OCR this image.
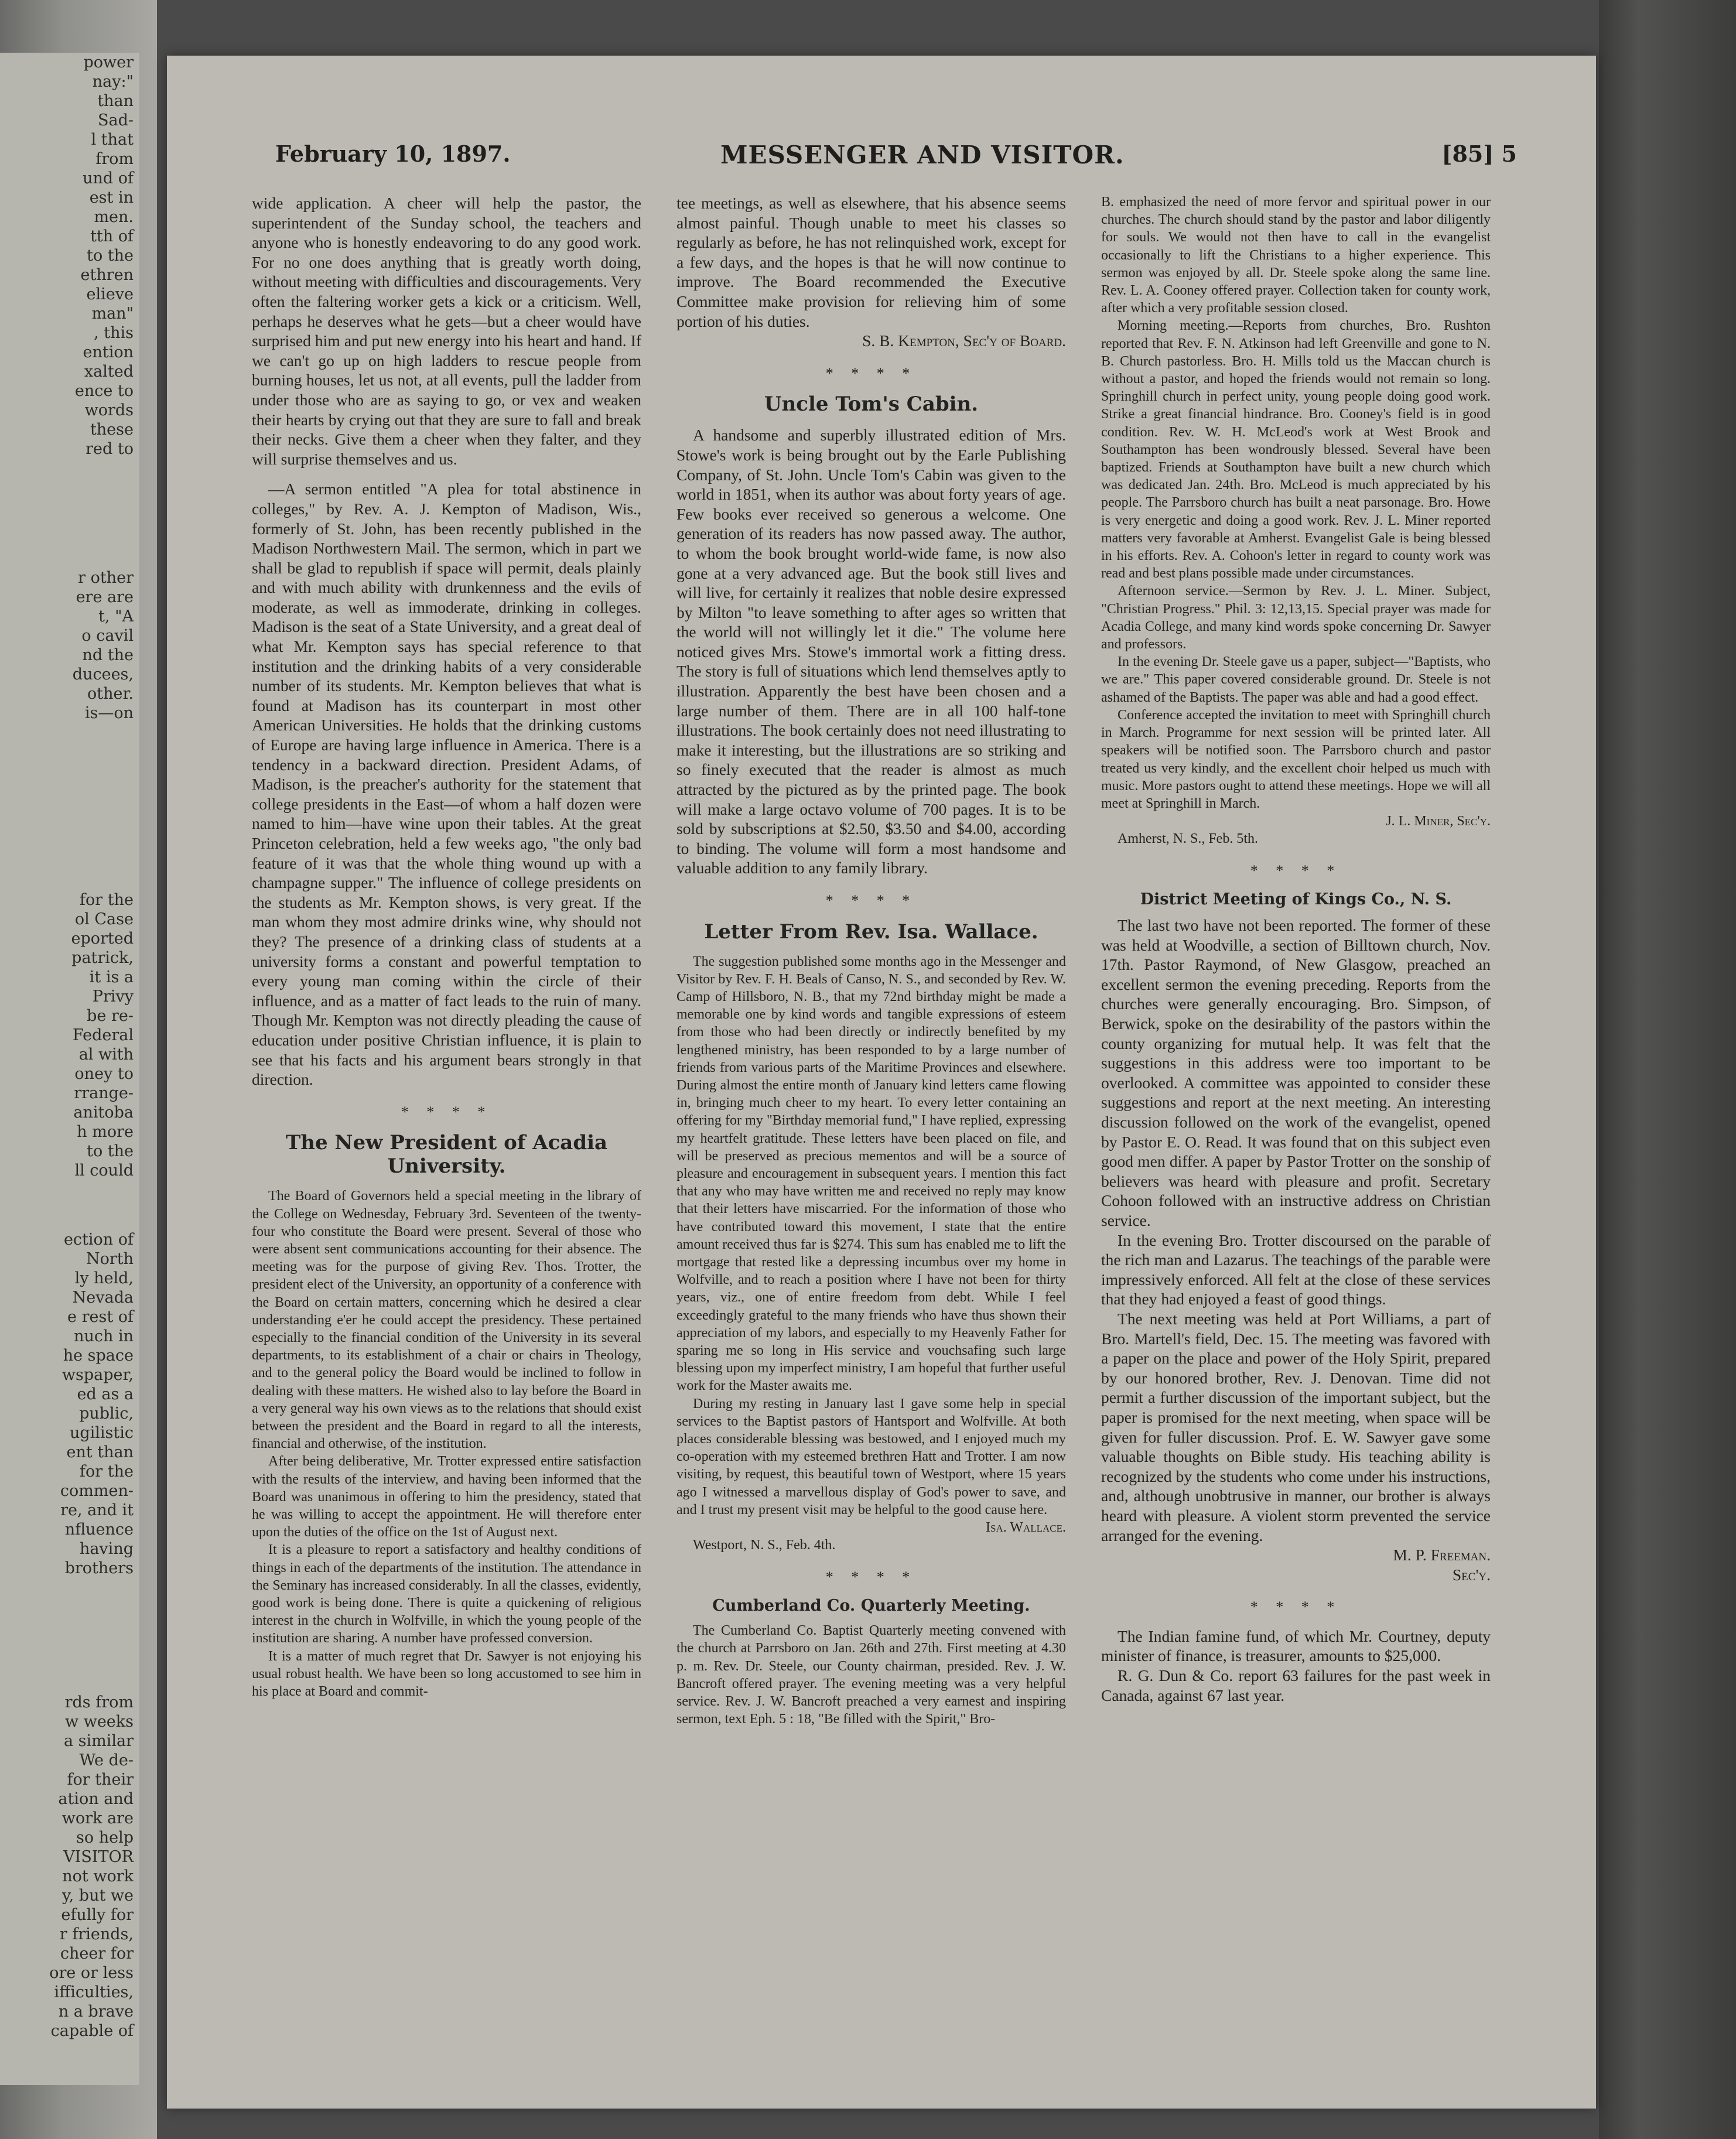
power

nay:"

than

Sad-

l that

from

und of

est in

men.

tth of

to the

ethren

elieve

man"

, this

ention

xalted

ence to

words

these

red to

r other

ere are

t, "A

o cavil

nd the

ducees,

other.

is—on

for the

ol Case

eported

patrick,

it is a

Privy

be re-

Federal

al with

oney to

rrange-

anitoba

h more

to the

ll could

ection of

North

ly held,

Nevada

e rest of

nuch in

he space

wspaper,

ed as a

public,

ugilistic

ent than

for the

commen-

re, and it

nfluence

having

brothers

rds from

w weeks

a similar

We de-

for their

ation and

work are

so help

VISITOR

not work

y, but we

efully for

r friends,

cheer for

ore or less

ifficulties,

n a brave

capable of

February 10, 1897.	MESSENGER AND VISITOR.	[85] 5

wide application. A cheer will help the pastor, the superintendent of the Sunday school, the teachers and anyone who is honestly endeavoring to do any good work. For no one does anything that is greatly worth doing, without meeting with difficulties and discouragements. Very often the faltering worker gets a kick or a criticism. Well, perhaps he deserves what he gets—but a cheer would have surprised him and put new energy into his heart and hand. If we can't go up on high ladders to rescue people from burning houses, let us not, at all events, pull the ladder from under those who are as saying to go, or vex and weaken their hearts by crying out that they are sure to fall and break their necks. Give them a cheer when they falter, and they will surprise themselves and us.

—A sermon entitled "A plea for total abstinence in colleges," by Rev. A. J. Kempton of Madison, Wis., formerly of St. John, has been recently published in the Madison Northwestern Mail. The sermon, which in part we shall be glad to republish if space will permit, deals plainly and with much ability with drunkenness and the evils of moderate, as well as immoderate, drinking in colleges. Madison is the seat of a State University, and a great deal of what Mr. Kempton says has special reference to that institution and the drinking habits of a very considerable number of its students. Mr. Kempton believes that what is found at Madison has its counterpart in most other American Universities. He holds that the drinking customs of Europe are having large influence in America. There is a tendency in a backward direction. President Adams, of Madison, is the preacher's authority for the statement that college presidents in the East—of whom a half dozen were named to him—have wine upon their tables. At the great Princeton celebration, held a few weeks ago, "the only bad feature of it was that the whole thing wound up with a champagne supper." The influence of college presidents on the students as Mr. Kempton shows, is very great. If the man whom they most admire drinks wine, why should not they? The presence of a drinking class of students at a university forms a constant and powerful temptation to every young man coming within the circle of their influence, and as a matter of fact leads to the ruin of many. Though Mr. Kempton was not directly pleading the cause of education under positive Christian influence, it is plain to see that his facts and his argument bears strongly in that direction.

* * * *

The New President of Acadia University.

The Board of Governors held a special meeting in the library of the College on Wednesday, February 3rd. Seventeen of the twenty-four who constitute the Board were present. Several of those who were absent sent communications accounting for their absence. The meeting was for the purpose of giving Rev. Thos. Trotter, the president elect of the University, an opportunity of a conference with the Board on certain matters, concerning which he desired a clear understanding e'er he could accept the presidency. These pertained especially to the financial condition of the University in its several departments, to its establishment of a chair or chairs in Theology, and to the general policy the Board would be inclined to follow in dealing with these matters. He wished also to lay before the Board in a very general way his own views as to the relations that should exist between the president and the Board in regard to all the interests, financial and otherwise, of the institution.

After being deliberative, Mr. Trotter expressed entire satisfaction with the results of the interview, and having been informed that the Board was unanimous in offering to him the presidency, stated that he was willing to accept the appointment. He will therefore enter upon the duties of the office on the 1st of August next.

It is a pleasure to report a satisfactory and healthy conditions of things in each of the departments of the institution. The attendance in the Seminary has increased considerably. In all the classes, evidently, good work is being done. There is quite a quickening of religious interest in the church in Wolfville, in which the young people of the institution are sharing. A number have professed conversion.

It is a matter of much regret that Dr. Sawyer is not enjoying his usual robust health. We have been so long accustomed to see him in his place at Board and commit-

tee meetings, as well as elsewhere, that his absence seems almost painful. Though unable to meet his classes so regularly as before, he has not relinquished work, except for a few days, and the hopes is that he will now continue to improve. The Board recommended the Executive Committee make provision for relieving him of some portion of his duties.

S. B. Kempton, Sec'y of Board.

* * * *

Uncle Tom's Cabin.

A handsome and superbly illustrated edition of Mrs. Stowe's work is being brought out by the Earle Publishing Company, of St. John. Uncle Tom's Cabin was given to the world in 1851, when its author was about forty years of age. Few books ever received so generous a welcome. One generation of its readers has now passed away. The author, to whom the book brought world-wide fame, is now also gone at a very advanced age. But the book still lives and will live, for certainly it realizes that noble desire expressed by Milton "to leave something to after ages so written that the world will not willingly let it die." The volume here noticed gives Mrs. Stowe's immortal work a fitting dress. The story is full of situations which lend themselves aptly to illustration. Apparently the best have been chosen and a large number of them. There are in all 100 half-tone illustrations. The book certainly does not need illustrating to make it interesting, but the illustrations are so striking and so finely executed that the reader is almost as much attracted by the pictured as by the printed page. The book will make a large octavo volume of 700 pages. It is to be sold by subscriptions at $2.50, $3.50 and $4.00, according to binding. The volume will form a most handsome and valuable addition to any family library.

* * * *

Letter From Rev. Isa. Wallace.

The suggestion published some months ago in the Messenger and Visitor by Rev. F. H. Beals of Canso, N. S., and seconded by Rev. W. Camp of Hillsboro, N. B., that my 72nd birthday might be made a memorable one by kind words and tangible expressions of esteem from those who had been directly or indirectly benefited by my lengthened ministry, has been responded to by a large number of friends from various parts of the Maritime Provinces and elsewhere. During almost the entire month of January kind letters came flowing in, bringing much cheer to my heart. To every letter containing an offering for my "Birthday memorial fund," I have replied, expressing my heartfelt gratitude. These letters have been placed on file, and will be preserved as precious mementos and will be a source of pleasure and encouragement in subsequent years. I mention this fact that any who may have written me and received no reply may know that their letters have miscarried. For the information of those who have contributed toward this movement, I state that the entire amount received thus far is $274. This sum has enabled me to lift the mortgage that rested like a depressing incumbus over my home in Wolfville, and to reach a position where I have not been for thirty years, viz., one of entire freedom from debt. While I feel exceedingly grateful to the many friends who have thus shown their appreciation of my labors, and especially to my Heavenly Father for sparing me so long in His service and vouchsafing such large blessing upon my imperfect ministry, I am hopeful that further useful work for the Master awaits me.

During my resting in January last I gave some help in special services to the Baptist pastors of Hantsport and Wolfville. At both places considerable blessing was bestowed, and I enjoyed much my co-operation with my esteemed brethren Hatt and Trotter. I am now visiting, by request, this beautiful town of Westport, where 15 years ago I witnessed a marvellous display of God's power to save, and and I trust my present visit may be helpful to the good cause here.

Isa. Wallace.

Westport, N. S., Feb. 4th.

* * * *

Cumberland Co. Quarterly Meeting.

The Cumberland Co. Baptist Quarterly meeting convened with the church at Parrsboro on Jan. 26th and 27th. First meeting at 4.30 p. m. Rev. Dr. Steele, our County chairman, presided. Rev. J. W. Bancroft offered prayer. The evening meeting was a very helpful service. Rev. J. W. Bancroft preached a very earnest and inspiring sermon, text Eph. 5 : 18, "Be filled with the Spirit," Bro-

B. emphasized the need of more fervor and spiritual power in our churches. The church should stand by the pastor and labor diligently for souls. We would not then have to call in the evangelist occasionally to lift the Christians to a higher experience. This sermon was enjoyed by all. Dr. Steele spoke along the same line. Rev. L. A. Cooney offered prayer. Collection taken for county work, after which a very profitable session closed.

Morning meeting.—Reports from churches, Bro. Rushton reported that Rev. F. N. Atkinson had left Greenville and gone to N. B. Church pastorless. Bro. H. Mills told us the Maccan church is without a pastor, and hoped the friends would not remain so long. Springhill church in perfect unity, young people doing good work. Strike a great financial hindrance. Bro. Cooney's field is in good condition. Rev. W. H. McLeod's work at West Brook and Southampton has been wondrously blessed. Several have been baptized. Friends at Southampton have built a new church which was dedicated Jan. 24th. Bro. McLeod is much appreciated by his people. The Parrsboro church has built a neat parsonage. Bro. Howe is very energetic and doing a good work. Rev. J. L. Miner reported matters very favorable at Amherst. Evangelist Gale is being blessed in his efforts. Rev. A. Cohoon's letter in regard to county work was read and best plans possible made under circumstances.

Afternoon service.—Sermon by Rev. J. L. Miner. Subject, "Christian Progress." Phil. 3: 12,13,15. Special prayer was made for Acadia College, and many kind words spoke concerning Dr. Sawyer and professors.

In the evening Dr. Steele gave us a paper, subject—"Baptists, who we are." This paper covered considerable ground. Dr. Steele is not ashamed of the Baptists. The paper was able and had a good effect.

Conference accepted the invitation to meet with Springhill church in March. Programme for next session will be printed later. All speakers will be notified soon. The Parrsboro church and pastor treated us very kindly, and the excellent choir helped us much with music. More pastors ought to attend these meetings. Hope we will all meet at Springhill in March.

J. L. Miner, Sec'y.

Amherst, N. S., Feb. 5th.

* * * *

District Meeting of Kings Co., N. S.

The last two have not been reported. The former of these was held at Woodville, a section of Billtown church, Nov. 17th. Pastor Raymond, of New Glasgow, preached an excellent sermon the evening preceding. Reports from the churches were generally encouraging. Bro. Simpson, of Berwick, spoke on the desirability of the pastors within the county organizing for mutual help. It was felt that the suggestions in this address were too important to be overlooked. A committee was appointed to consider these suggestions and report at the next meeting. An interesting discussion followed on the work of the evangelist, opened by Pastor E. O. Read. It was found that on this subject even good men differ. A paper by Pastor Trotter on the sonship of believers was heard with pleasure and profit. Secretary Cohoon followed with an instructive address on Christian service.

In the evening Bro. Trotter discoursed on the parable of the rich man and Lazarus. The teachings of the parable were impressively enforced. All felt at the close of these services that they had enjoyed a feast of good things.

The next meeting was held at Port Williams, a part of Bro. Martell's field, Dec. 15. The meeting was favored with a paper on the place and power of the Holy Spirit, prepared by our honored brother, Rev. J. Denovan. Time did not permit a further discussion of the important subject, but the paper is promised for the next meeting, when space will be given for fuller discussion. Prof. E. W. Sawyer gave some valuable thoughts on Bible study. His teaching ability is recognized by the students who come under his instructions, and, although unobtrusive in manner, our brother is always heard with pleasure. A violent storm prevented the service arranged for the evening.

M. P. Freeman.

Sec'y.

* * * *

The Indian famine fund, of which Mr. Courtney, deputy minister of finance, is treasurer, amounts to $25,000.

R. G. Dun & Co. report 63 failures for the past week in Canada, against 67 last year.
